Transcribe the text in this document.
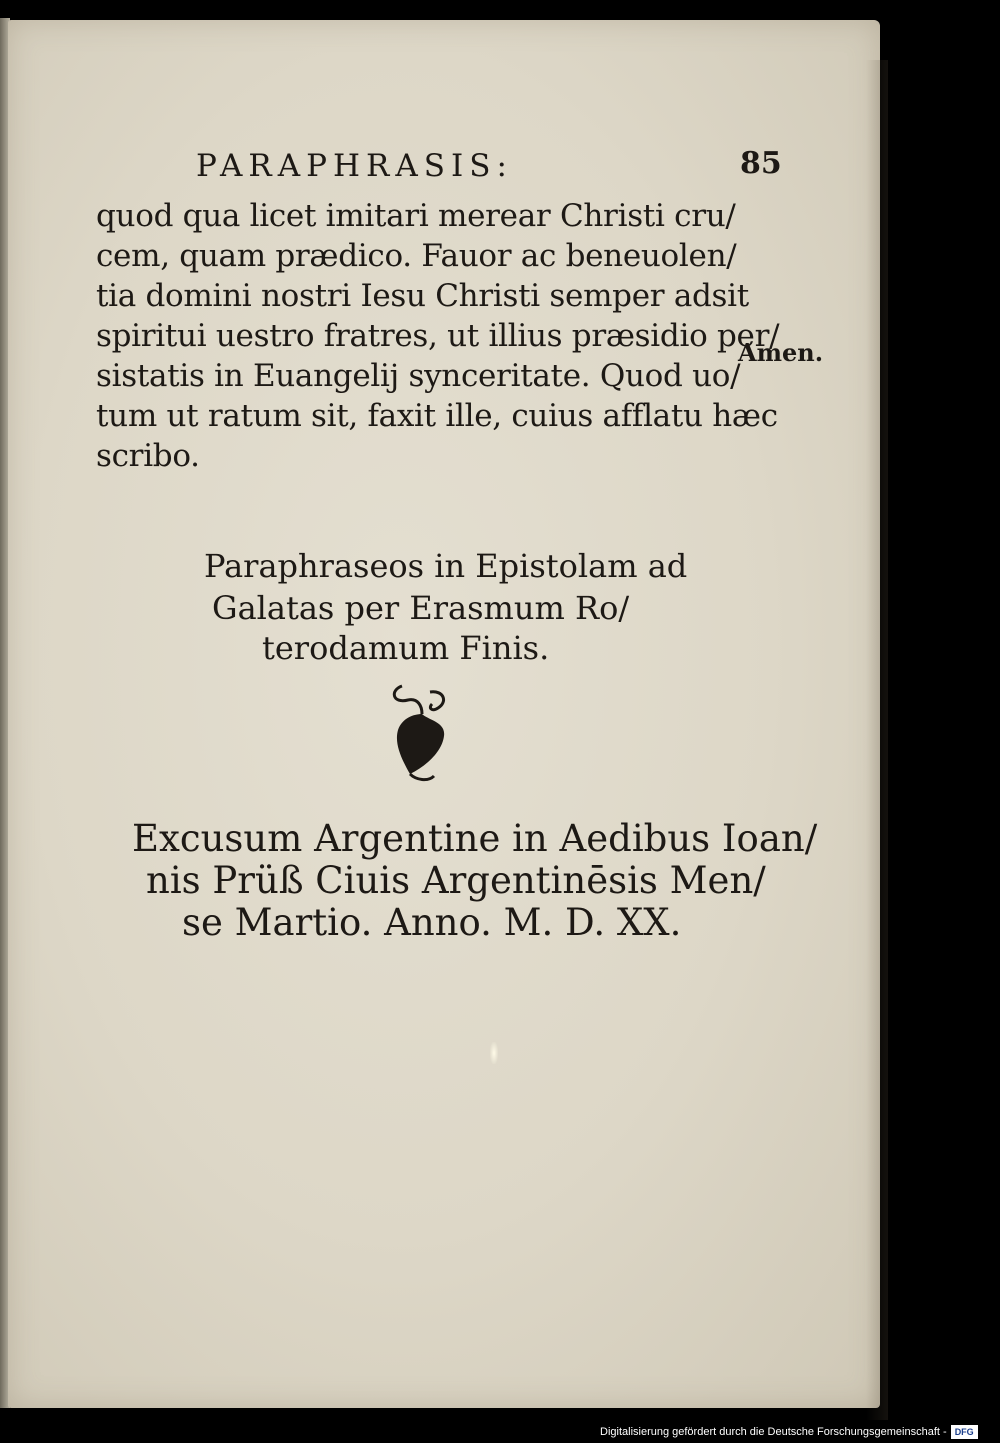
PARAPHRASIS:	85

quod qua licet imitari merear Christi cru/

cem, quam prædico. Fauor ac beneuolen/

tia domini nostri Iesu Christi semper adsit

spiritui uestro fratres, ut illius præsidio per/

sistatis in Euangelij synceritate. Quod uo/

tum ut ratum sit, faxit ille, cuius afflatu hæc

scribo.

Amen.

Paraphraseos in Epistolam ad

Galatas per Erasmum Ro/

terodamum Finis.

Excusum Argentine in Aedibus Ioan/

nis Prüß Ciuis Argentinēsis Men/

se Martio. Anno. M. D. XX.

Digitalisierung gefördert durch die Deutsche Forschungsgemeinschaft - DFG
